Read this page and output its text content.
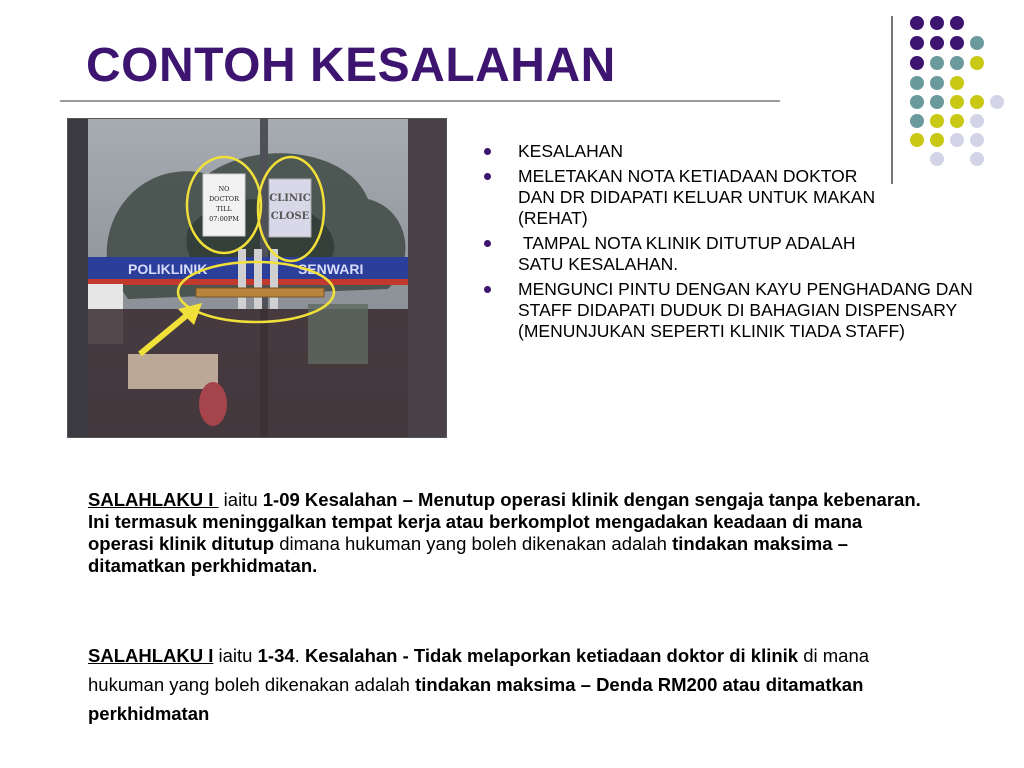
CONTOH KESALAHAN
POLIKLINIK	SENWARI
NO
DOCTOR
TILL
07:00PM
CLINIC
CLOSE
KESALAHAN
MELETAKAN NOTA KETIADAAN DOKTOR DAN DR DIDAPATI KELUAR UNTUK MAKAN (REHAT)
TAMPAL NOTA KLINIK DITUTUP ADALAH SATU KESALAHAN.
MENGUNCI PINTU DENGAN KAYU PENGHADANG DAN STAFF DIDAPATI DUDUK DI BAHAGIAN DISPENSARY (MENUNJUKAN SEPERTI KLINIK TIADA STAFF)
SALAHLAKU I  iaitu 1-09 Kesalahan – Menutup operasi klinik dengan sengaja tanpa kebenaran. Ini termasuk meninggalkan tempat kerja atau berkomplot mengadakan keadaan di mana operasi klinik ditutup dimana hukuman yang boleh dikenakan adalah tindakan maksima – ditamatkan perkhidmatan.
SALAHLAKU I iaitu 1-34. Kesalahan - Tidak melaporkan ketiadaan doktor di klinik di mana hukuman yang boleh dikenakan adalah tindakan maksima – Denda RM200 atau ditamatkan perkhidmatan
